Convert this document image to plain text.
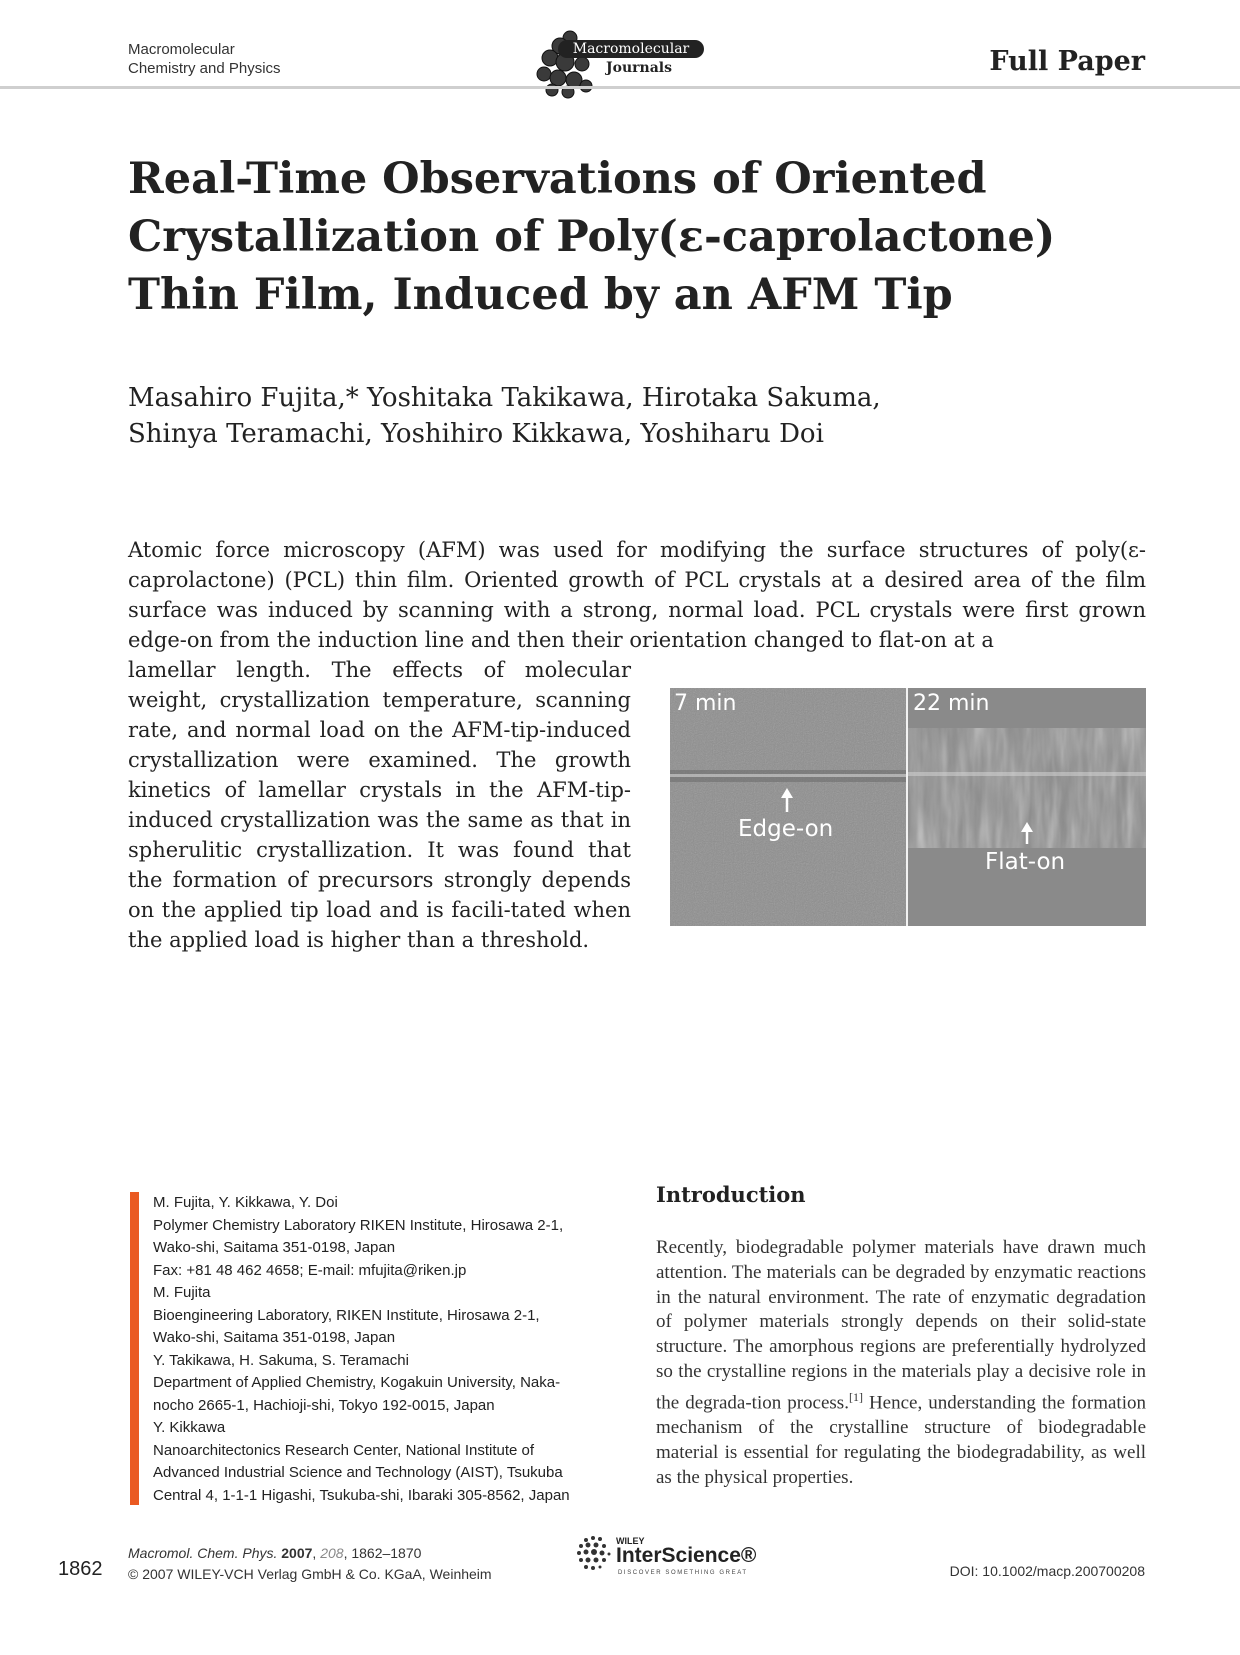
Macromolecular
Chemistry and Physics
Macromolecular
Journals	Full Paper
Real-Time Observations of Oriented Crystallization of Poly(ε-caprolactone) Thin Film, Induced by an AFM Tip
Masahiro Fujita,* Yoshitaka Takikawa, Hirotaka Sakuma,
Shinya Teramachi, Yoshihiro Kikkawa, Yoshiharu Doi
Atomic force microscopy (AFM) was used for modifying the surface structures of poly(ε-caprolactone) (PCL) thin film. Oriented growth of PCL crystals at a desired area of the film surface was induced by scanning with a strong, normal load. PCL crystals were first grown edge-on from the induction line and then their orientation changed to flat-on at a
lamellar length. The effects of molecular weight, crystallization temperature, scanning rate, and normal load on the AFM-tip-induced crystallization were examined. The growth kinetics of lamellar crystals in the AFM-tip-induced crystallization was the same as that in spherulitic crystallization. It was found that the formation of precursors strongly depends on the applied tip load and is facili-tated when the applied load is higher than a threshold.
7 min	22 min
Edge-on
Flat-on
M. Fujita, Y. Kikkawa, Y. Doi
Polymer Chemistry Laboratory RIKEN Institute, Hirosawa 2-1,
Wako-shi, Saitama 351-0198, Japan
Fax: +81 48 462 4658; E-mail: mfujita@riken.jp
M. Fujita
Bioengineering Laboratory, RIKEN Institute, Hirosawa 2-1,
Wako-shi, Saitama 351-0198, Japan
Y. Takikawa, H. Sakuma, S. Teramachi
Department of Applied Chemistry, Kogakuin University, Naka-
nocho 2665-1, Hachioji-shi, Tokyo 192-0015, Japan
Y. Kikkawa
Nanoarchitectonics Research Center, National Institute of
Advanced Industrial Science and Technology (AIST), Tsukuba
Central 4, 1-1-1 Higashi, Tsukuba-shi, Ibaraki 305-8562, Japan
Introduction
Recently, biodegradable polymer materials have drawn much attention. The materials can be degraded by enzymatic reactions in the natural environment. The rate of enzymatic degradation of polymer materials strongly depends on their solid-state structure. The amorphous regions are preferentially hydrolyzed so the crystalline regions in the materials play a decisive role in the degrada-tion process.[1] Hence, understanding the formation mechanism of the crystalline structure of biodegradable material is essential for regulating the biodegradability, as well as the physical properties.
1862
Macromol. Chem. Phys. 2007, 208, 1862–1870
© 2007 WILEY-VCH Verlag GmbH & Co. KGaA, Weinheim
WILEY
InterScience®
DISCOVER SOMETHING GREAT	DOI: 10.1002/macp.200700208
